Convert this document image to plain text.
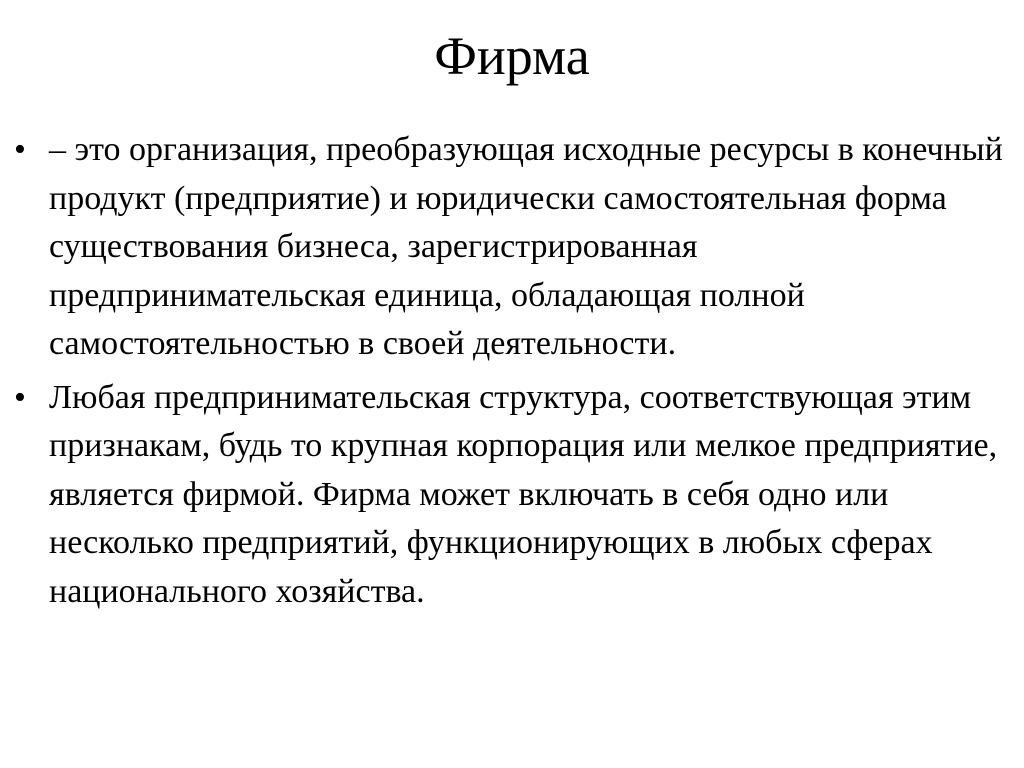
Фирма
• – это организация, преобразующая исходные ресурсы в конечный продукт (предприятие) и юридически самостоятельная форма существования бизнеса, зарегистрированная предпринимательская единица, обладающая полной самостоятельностью в своей деятельности.
• Любая предпринимательская структура, соответствующая этим признакам, будь то крупная корпорация или мелкое предприятие, является фирмой. Фирма может включать в себя одно или несколько предприятий, функционирующих в любых сферах национального хозяйства.
